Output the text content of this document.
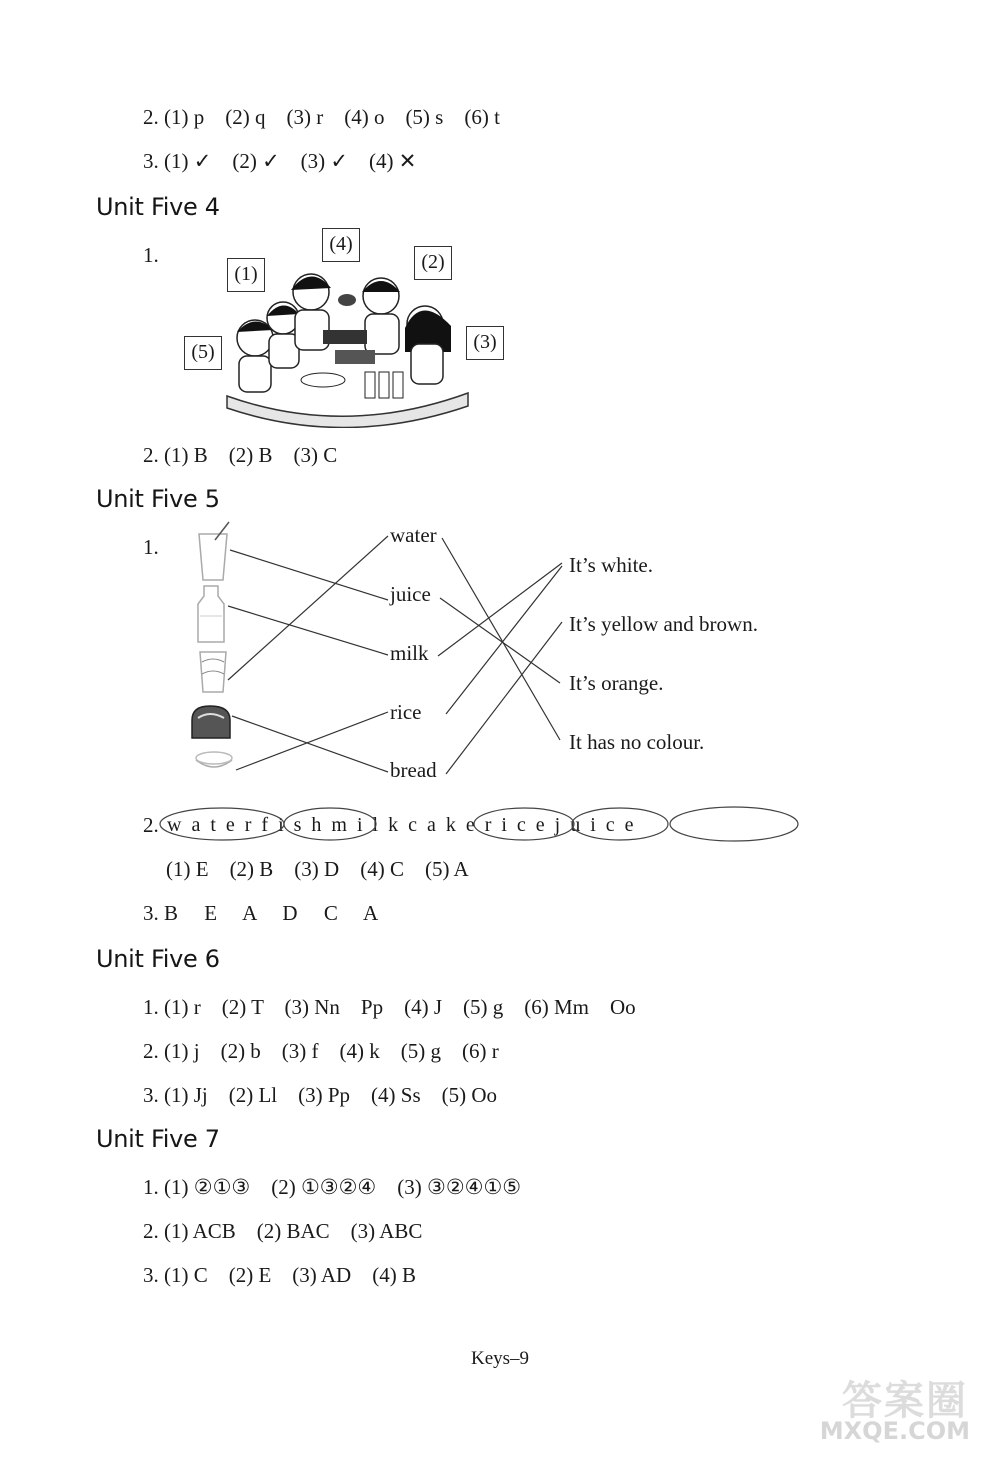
2. (1) p    (2) q    (3) r    (4) o    (5) s    (6) t
3. (1) ✓    (2) ✓    (3) ✓    (4) ✕
Unit Five 4
1.
(1)
(2)
(3)
(4)
(5)
2. (1) B    (2) B    (3) C
Unit Five 5
1.	water
juice
milk
rice
bread
It’s white.
It’s yellow and brown.
It’s orange.
It has no colour.
2. waterfishmilkcakericejuice
(1) E    (2) B    (3) D    (4) C    (5) A
3. B     E     A     D     C     A
Unit Five 6
1. (1) r    (2) T    (3) Nn    Pp    (4) J    (5) g    (6) Mm    Oo
2. (1) j    (2) b    (3) f    (4) k    (5) g    (6) r
3. (1) Jj    (2) Ll    (3) Pp    (4) Ss    (5) Oo
Unit Five 7
1. (1) ②①③    (2) ①③②④    (3) ③②④①⑤
2. (1) ACB    (2) BAC    (3) ABC
3. (1) C    (2) E    (3) AD    (4) B
Keys–9
答案圈
MXQE.COM
